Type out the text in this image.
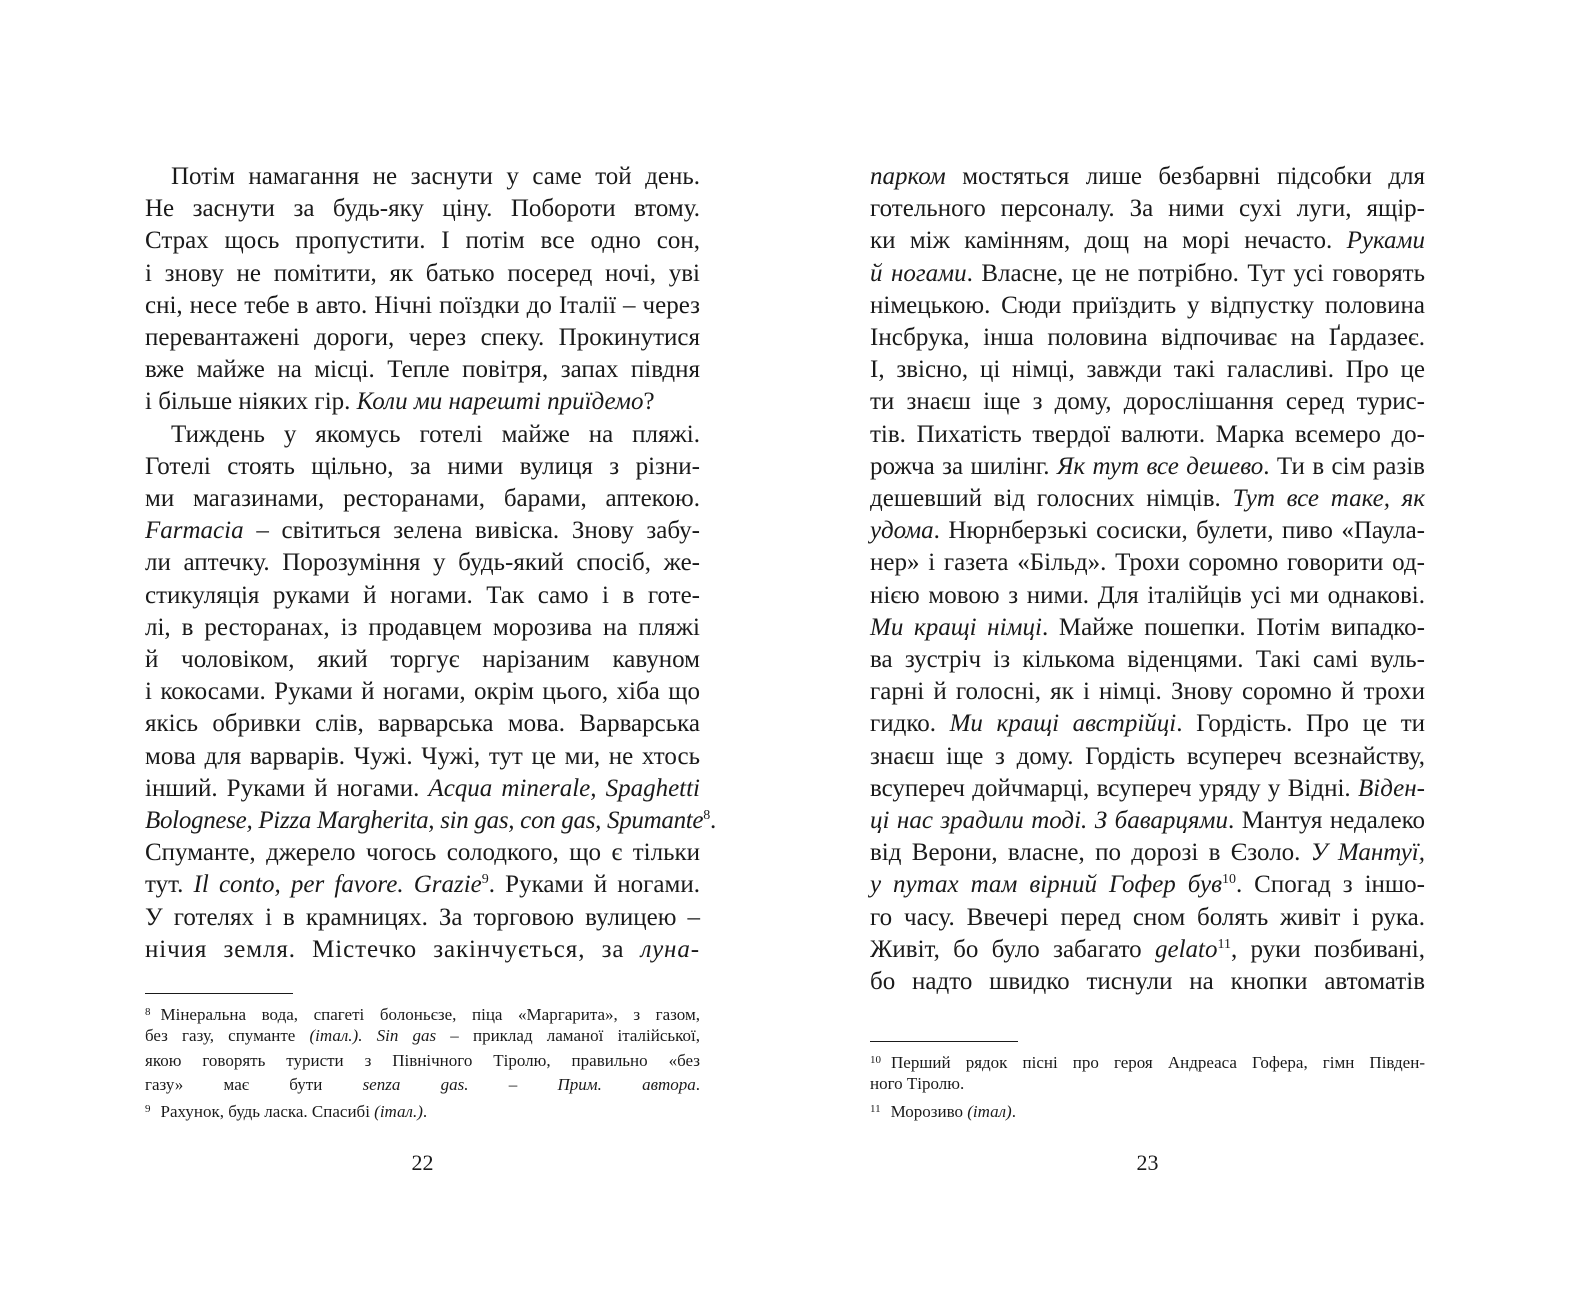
Потім намагання не заснути у саме той день.
Не заснути за будь-яку ціну. Побороти втому.
Страх щось пропустити. І потім все одно сон,
і знову не помітити, як батько посеред ночі, уві
сні, несе тебе в авто. Нічні поїздки до Італії – через
перевантажені дороги, через спеку. Прокинутися
вже майже на місці. Тепле повітря, запах півдня
і більше ніяких гір. Коли ми нарешті приїдемо?
Тиждень у якомусь готелі майже на пляжі.
Готелі стоять щільно, за ними вулиця з різни-
ми магазинами, ресторанами, барами, аптекою.
Farmacia – світиться зелена вивіска. Знову забу-
ли аптечку. Порозуміння у будь-який спосіб, же-
стикуляція руками й ногами. Так само і в готе-
лі, в ресторанах, із продавцем морозива на пляжі
й чоловіком, який торгує нарізаним кавуном
і кокосами. Руками й ногами, окрім цього, хіба що
якісь обривки слів, варварська мова. Варварська
мова для варварів. Чужі. Чужі, тут це ми, не хтось
інший. Руками й ногами. Acqua minerale, Spaghetti
Bolognese, Pizza Margherita, sin gas, con gas, Spumante$^8$.
Спуманте, джерело чогось солодкого, що є тільки
тут. Il conto, per favore. Grazie$^9$. Руками й ногами.
У готелях і в крамницях. За торговою вулицею –
нічия земля. Містечко закінчується, за луна-
$^8$ Мінеральна вода, спагеті болоньєзе, піца «Маргарита», з газом,
без газу, спуманте (італ.). Sin gas – приклад ламаної італійської,
якою говорять туристи з Північного Тіролю, правильно «без
газу» має бути senza gas. – Прим. автора.
$^9$ Рахунок, будь ласка. Спасибі (італ.).
22
парком мостяться лише безбарвні підсобки для
готельного персоналу. За ними сухі луги, ящір-
ки між камінням, дощ на морі нечасто. Руками
й ногами. Власне, це не потрібно. Тут усі говорять
німецькою. Сюди приїздить у відпустку половина
Інсбрука, інша половина відпочиває на Ґардазеє.
І, звісно, ці німці, завжди такі галасливі. Про це
ти знаєш іще з дому, дорослішання серед турис-
тів. Пихатість твердої валюти. Марка всемеро до-
рожча за шилінг. Як тут все дешево. Ти в сім разів
дешевший від голосних німців. Тут все таке, як
удома. Нюрнберзькі сосиски, булети, пиво «Паула-
нер» і газета «Більд». Трохи соромно говорити од-
нією мовою з ними. Для італійців усі ми однакові.
Ми кращі німці. Майже пошепки. Потім випадко-
ва зустріч із кількома віденцями. Такі самі вуль-
гарні й голосні, як і німці. Знову соромно й трохи
гидко. Ми кращі австрійці. Гордість. Про це ти
знаєш іще з дому. Гордість всупереч всезнайству,
всупереч дойчмарці, всупереч уряду у Відні. Віден-
ці нас зрадили тоді. З баварцями. Мантуя недалеко
від Верони, власне, по дорозі в Єзоло. У Мантуї,
у путах там вірний Гофер був$^{10}$. Спогад з іншо-
го часу. Ввечері перед сном болять живіт і рука.
Живіт, бо було забагато gelato$^{11}$, руки позбивані,
бо надто швидко тиснули на кнопки автоматів
$^{10}$ Перший рядок пісні про героя Андреаса Гофера, гімн Півден-
ного Тіролю.
$^{11}$ Морозиво (італ).
23
